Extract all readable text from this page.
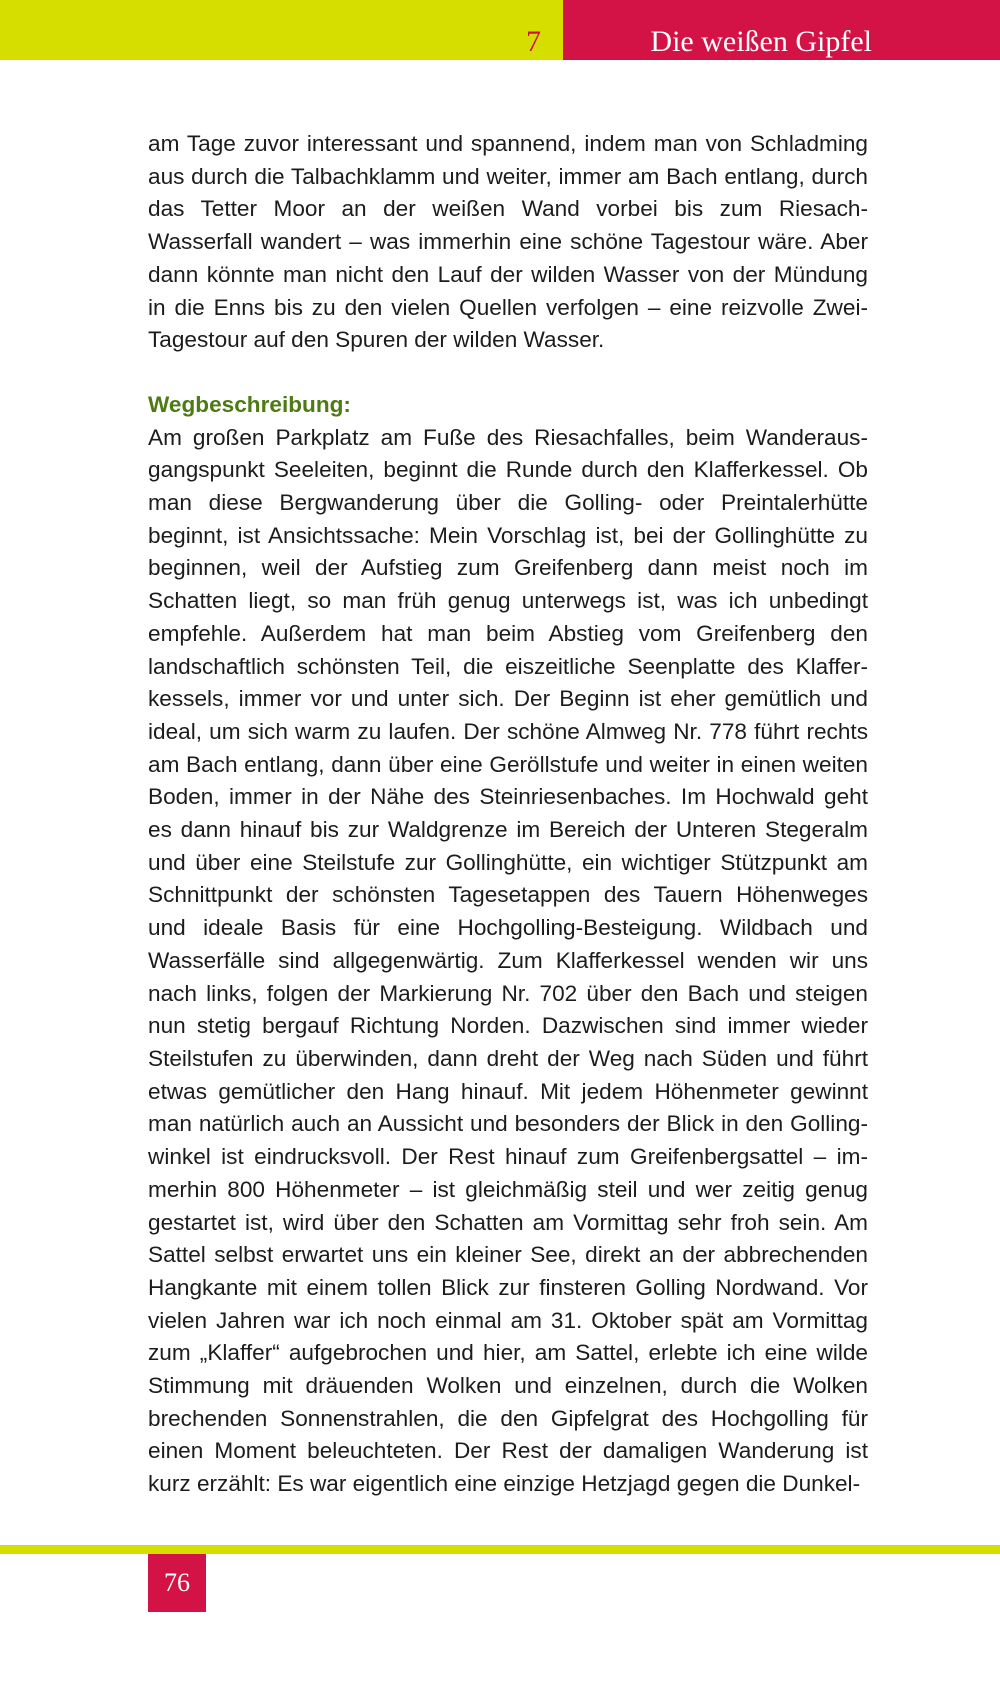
7	Die weißen Gipfel

am Tage zuvor interessant und spannend, indem man von Schladming aus durch die Talbachklamm und weiter, immer am Bach entlang, durch das Tetter Moor an der weißen Wand vorbei bis zum Riesach-Wasserfall wandert – was immerhin eine schöne Tagestour wäre. Aber dann könnte man nicht den Lauf der wilden Wasser von der Mündung in die Enns bis zu den vielen Quellen verfolgen – eine reizvolle Zwei-Tagestour auf den Spuren der wilden Wasser.

Wegbeschreibung:

Am großen Parkplatz am Fuße des Riesachfalles, beim Wanderausgangspunkt Seeleiten, beginnt die Runde durch den Klafferkessel. Ob man diese Bergwanderung über die Golling- oder Preintalerhütte beginnt, ist Ansichtssache: Mein Vorschlag ist, bei der Gollinghütte zu beginnen, weil der Aufstieg zum Greifenberg dann meist noch im Schatten liegt, so man früh genug unterwegs ist, was ich unbedingt empfehle. Außerdem hat man beim Abstieg vom Greifenberg den landschaftlich schönsten Teil, die eiszeitliche Seenplatte des Klafferkessels, immer vor und unter sich. Der Beginn ist eher gemütlich und ideal, um sich warm zu laufen. Der schöne Almweg Nr. 778 führt rechts am Bach entlang, dann über eine Geröllstufe und weiter in einen weiten Boden, immer in der Nähe des Steinriesenbaches. Im Hochwald geht es dann hinauf bis zur Waldgrenze im Bereich der Unteren Stegeralm und über eine Steilstufe zur Gollinghütte, ein wichtiger Stützpunkt am Schnittpunkt der schönsten Tagesetappen des Tauern Höhenweges und ideale Basis für eine Hochgolling-Besteigung. Wildbach und Wasserfälle sind allgegenwärtig. Zum Klafferkessel wenden wir uns nach links, folgen der Markierung Nr. 702 über den Bach und steigen nun stetig bergauf Richtung Norden. Dazwischen sind immer wieder Steilstufen zu überwinden, dann dreht der Weg nach Süden und führt etwas gemütlicher den Hang hinauf. Mit jedem Höhenmeter gewinnt man natürlich auch an Aussicht und besonders der Blick in den Gollingwinkel ist eindrucksvoll. Der Rest hinauf zum Greifenbergsattel – immerhin 800 Höhenmeter – ist gleichmäßig steil und wer zeitig genug gestartet ist, wird über den Schatten am Vormittag sehr froh sein. Am Sattel selbst erwartet uns ein kleiner See, direkt an der abbrechenden Hangkante mit einem tollen Blick zur finsteren Golling Nordwand. Vor vielen Jahren war ich noch einmal am 31. Oktober spät am Vormittag zum „Klaffer“ aufgebrochen und hier, am Sattel, erlebte ich eine wilde Stimmung mit dräuenden Wolken und einzelnen, durch die Wolken brechenden Sonnenstrahlen, die den Gipfelgrat des Hochgolling für einen Moment beleuchteten. Der Rest der damaligen Wanderung ist kurz erzählt: Es war eigentlich eine einzige Hetzjagd gegen die Dunkel-

76
